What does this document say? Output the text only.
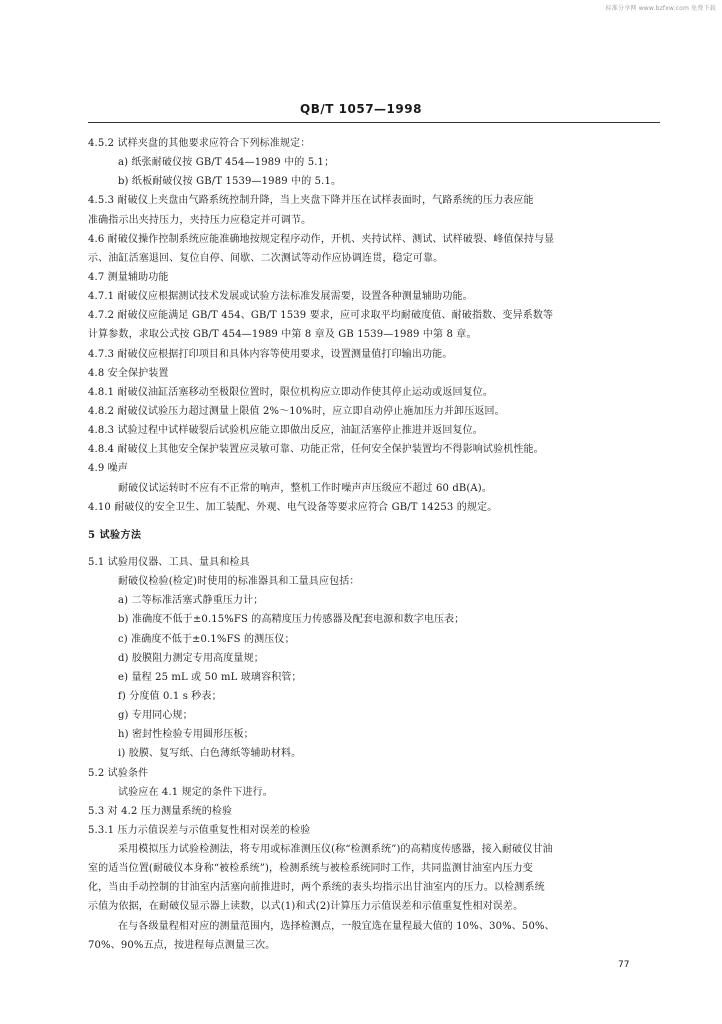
标准分享网 www.bzfxw.com 免费下载
QB/T 1057—1998
4.5.2 试样夹盘的其他要求应符合下列标准规定：
a) 纸张耐破仪按 GB/T 454—1989 中的 5.1；
b) 纸板耐破仪按 GB/T 1539—1989 中的 5.1。
4.5.3 耐破仪上夹盘由气路系统控制升降，当上夹盘下降并压在试样表面时，气路系统的压力表应能
准确指示出夹持压力，夹持压力应稳定并可调节。
4.6 耐破仪操作控制系统应能准确地按规定程序动作，开机、夹持试样、测试、试样破裂、峰值保持与显
示、油缸活塞退回、复位自停、间歇、二次测试等动作应协调连贯，稳定可靠。
4.7 测量辅助功能
4.7.1 耐破仪应根据测试技术发展或试验方法标准发展需要，设置各种测量辅助功能。
4.7.2 耐破仪应能满足 GB/T 454、GB/T 1539 要求，应可求取平均耐破度值、耐破指数、变异系数等
计算参数，求取公式按 GB/T 454—1989 中第 8 章及 GB 1539—1989 中第 8 章。
4.7.3 耐破仪应根据打印项目和具体内容等使用要求，设置测量值打印输出功能。
4.8 安全保护装置
4.8.1 耐破仪油缸活塞移动至极限位置时，限位机构应立即动作使其停止运动或返回复位。
4.8.2 耐破仪试验压力超过测量上限值 2%～10%时，应立即自动停止施加压力并卸压返回。
4.8.3 试验过程中试样破裂后试验机应能立即做出反应，油缸活塞停止推进并返回复位。
4.8.4 耐破仪上其他安全保护装置应灵敏可靠、功能正常，任何安全保护装置均不得影响试验机性能。
4.9 噪声
耐破仪试运转时不应有不正常的响声，整机工作时噪声声压级应不超过 60 dB(A)。
4.10 耐破仪的安全卫生、加工装配、外观、电气设备等要求应符合 GB/T 14253 的规定。
5 试验方法
5.1 试验用仪器、工具、量具和检具
耐破仪检验(检定)时使用的标准器具和工量具应包括：
a) 二等标准活塞式静重压力计；
b) 准确度不低于±0.15%FS 的高精度压力传感器及配套电源和数字电压表；
c) 准确度不低于±0.1%FS 的测压仪；
d) 胶膜阻力测定专用高度量规；
e) 量程 25 mL 或 50 mL 玻璃容积管；
f) 分度值 0.1 s 秒表；
g) 专用同心规；
h) 密封性检验专用圆形压板；
i) 胶膜、复写纸、白色薄纸等辅助材料。
5.2 试验条件
试验应在 4.1 规定的条件下进行。
5.3 对 4.2 压力测量系统的检验
5.3.1 压力示值误差与示值重复性相对误差的检验
采用模拟压力试验检测法，将专用或标准测压仪(称“检测系统”)的高精度传感器，接入耐破仪甘油
室的适当位置(耐破仪本身称“被检系统”)，检测系统与被检系统同时工作，共同监测甘油室内压力变
化，当由手动控制的甘油室内活塞向前推进时，两个系统的表头均指示出甘油室内的压力。以检测系统
示值为依据，在耐破仪显示器上读数，以式(1)和式(2)计算压力示值误差和示值重复性相对误差。
在与各级量程相对应的测量范围内，选择检测点，一般宜选在量程最大值的 10%、30%、50%、
70%、90%五点，按进程每点测量三次。
77
